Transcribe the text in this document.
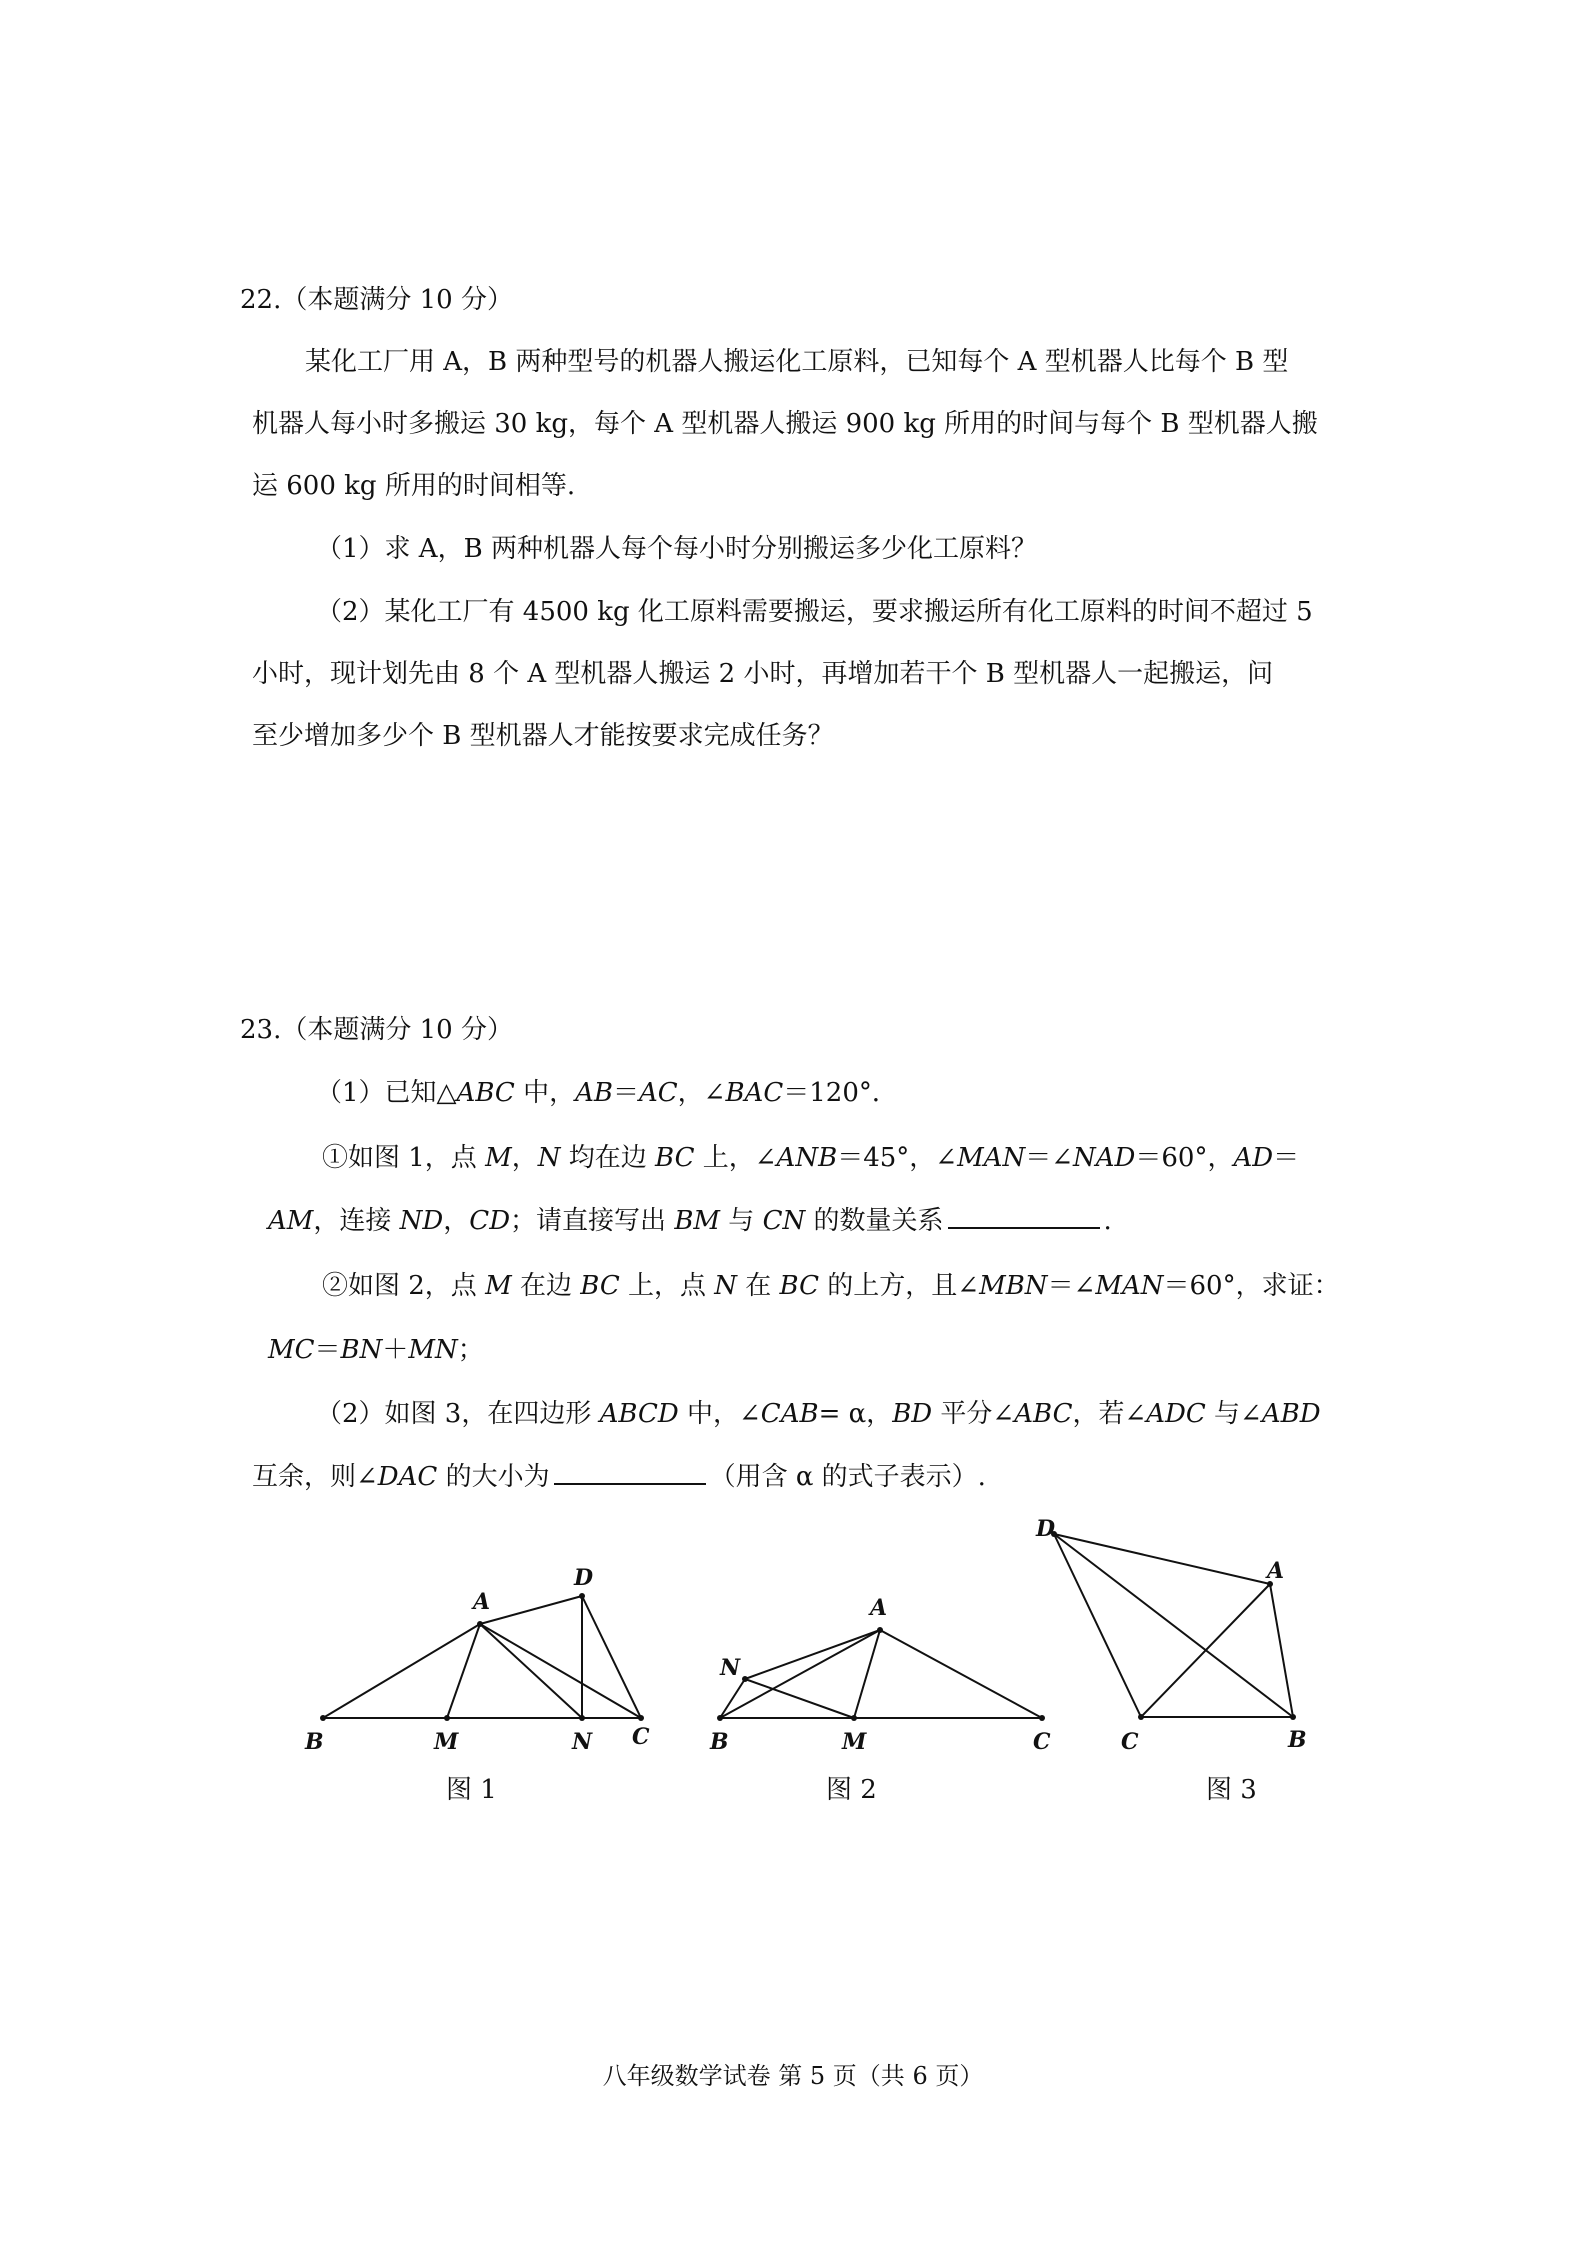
22.（本题满分 10 分）
某化工厂用 A，B 两种型号的机器人搬运化工原料，已知每个 A 型机器人比每个 B 型
机器人每小时多搬运 30 kg，每个 A 型机器人搬运 900 kg 所用的时间与每个 B 型机器人搬
运 600 kg 所用的时间相等.
（1）求 A，B 两种机器人每个每小时分别搬运多少化工原料？
（2）某化工厂有 4500 kg 化工原料需要搬运，要求搬运所有化工原料的时间不超过 5
小时，现计划先由 8 个 A 型机器人搬运 2 小时，再增加若干个 B 型机器人一起搬运，问
至少增加多少个 B 型机器人才能按要求完成任务？
23.（本题满分 10 分）
（1）已知△ABC 中，AB＝AC，∠BAC＝120°．
①如图 1，点 M，N 均在边 BC 上，∠ANB＝45°，∠MAN＝∠NAD＝60°，AD＝
AM，连接 ND，CD；请直接写出 BM 与 CN 的数量关系	.
②如图 2，点 M 在边 BC 上，点 N 在 BC 的上方，且∠MBN＝∠MAN＝60°，求证：
MC＝BN＋MN；
（2）如图 3，在四边形 ABCD 中，∠CAB= α，BD 平分∠ABC，若∠ADC 与∠ABD
互余，则∠DAC 的大小为	（用含 α 的式子表示）.
A
D
B	M	N C
图 1
A
N
B	M	C
图 2
D
A
B
C
图 3
八年级数学试卷 第 5 页（共 6 页）
